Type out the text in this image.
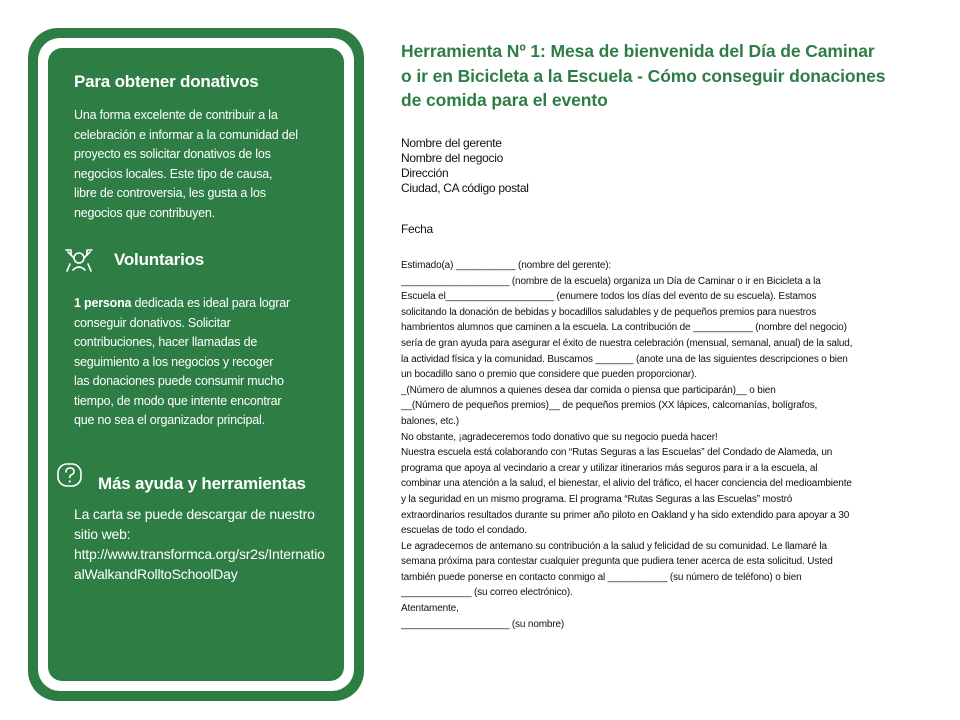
Para obtener donativos

Una forma excelente de contribuir a la

celebración e informar a la comunidad del

proyecto es solicitar donativos de los

negocios locales. Este tipo de causa,

libre de controversia, les gusta a los

negocios que contribuyen.

Voluntarios

1 persona dedicada es ideal para lograr

conseguir donativos. Solicitar

contribuciones, hacer llamadas de

seguimiento a los negocios y recoger

las donaciones puede consumir mucho

tiempo, de modo que intente encontrar

que no sea el organizador principal.

Más ayuda y herramientas

La carta se puede descargar de nuestro

sitio web:

http://www.transformca.org/sr2s/Internatio

alWalkandRolltoSchoolDay

Herramienta Nº 1: Mesa de bienvenida del Día de Caminar
o ir en Bicicleta a la Escuela - Cómo conseguir donaciones
de comida para el evento
Nombre del gerente
Nombre del negocio
Dirección
Ciudad, CA código postal
Fecha
Estimado(a) ___________ (nombre del gerente):
____________________ (nombre de la escuela) organiza un Día de Caminar o ir en Bicicleta a la
Escuela el____________________ (enumere todos los días del evento de su escuela). Estamos
solicitando la donación de bebidas y bocadillos saludables y de pequeños premios para nuestros
hambrientos alumnos que caminen a la escuela. La contribución de ___________ (nombre del negocio)
sería de gran ayuda para asegurar el éxito de nuestra celebración (mensual, semanal, anual) de la salud,
la actividad física y la comunidad. Buscamos _______ (anote una de las siguientes descripciones o bien
un bocadillo sano o premio que considere que pueden proporcionar).
_(Número de alumnos a quienes desea dar comida o piensa que participarán)__ o bien
__(Número de pequeños premios)__ de pequeños premios (XX lápices, calcomanías, bolígrafos,
balones, etc.)
No obstante, ¡agradeceremos todo donativo que su negocio pueda hacer!
Nuestra escuela está colaborando con “Rutas Seguras a las Escuelas” del Condado de Alameda, un
programa que apoya al vecindario a crear y utilizar itinerarios más seguros para ir a la escuela, al
combinar una atención a la salud, el bienestar, el alivio del tráfico, el hacer conciencia del medioambiente
y la seguridad en un mismo programa. El programa “Rutas Seguras a las Escuelas” mostró
extraordinarios resultados durante su primer año piloto en Oakland y ha sido extendido para apoyar a 30
escuelas de todo el condado.
Le agradecemos de antemano su contribución a la salud y felicidad de su comunidad. Le llamaré la
semana próxima para contestar cualquier pregunta que pudiera tener acerca de esta solicitud. Usted
también puede ponerse en contacto conmigo al ___________ (su número de teléfono) o bien
_____________ (su correo electrónico).
Atentamente,
____________________ (su nombre)
